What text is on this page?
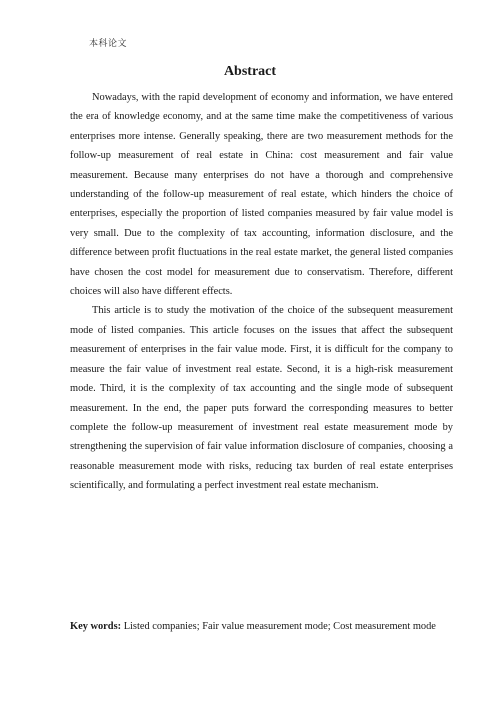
本科论文
Abstract

Nowadays, with the rapid development of economy and information, we have entered the era of knowledge economy, and at the same time make the competitiveness of various enterprises more intense. Generally speaking, there are two measurement methods for the follow-up measurement of real estate in China: cost measurement and fair value measurement. Because many enterprises do not have a thorough and comprehensive understanding of the follow-up measurement of real estate, which hinders the choice of enterprises, especially the proportion of listed companies measured by fair value model is very small. Due to the complexity of tax accounting, information disclosure, and the difference between profit fluctuations in the real estate market, the general listed companies have chosen the cost model for measurement due to conservatism. Therefore, different choices will also have different effects.

This article is to study the motivation of the choice of the subsequent measurement mode of listed companies. This article focuses on the issues that affect the subsequent measurement of enterprises in the fair value mode. First, it is difficult for the company to measure the fair value of investment real estate. Second, it is a high-risk measurement mode. Third, it is the complexity of tax accounting and the single mode of subsequent measurement. In the end, the paper puts forward the corresponding measures to better complete the follow-up measurement of investment real estate measurement mode by strengthening the supervision of fair value information disclosure of companies, choosing a reasonable measurement mode with risks, reducing tax burden of real estate enterprises scientifically, and formulating a perfect investment real estate mechanism.

Key words: Listed companies; Fair value measurement mode; Cost measurement mode
